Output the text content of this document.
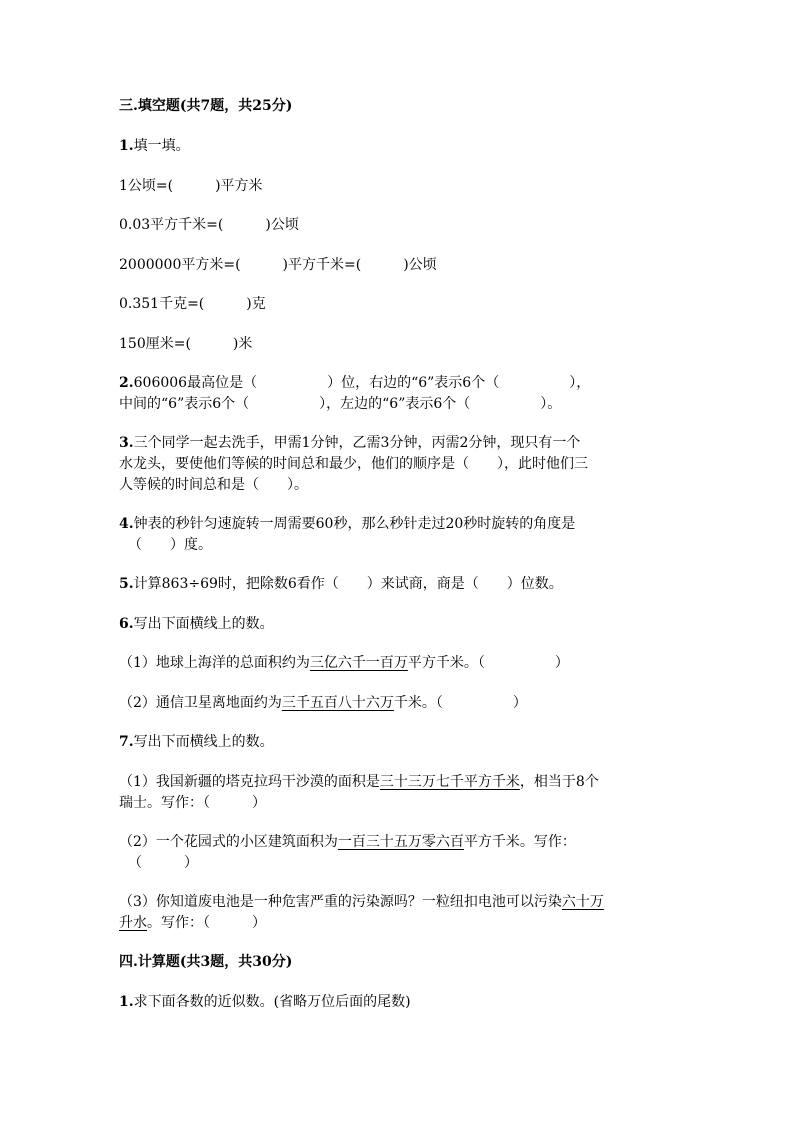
三.填空题(共7题，共25分)
1.填一填。
1公顷=(　　　)平方米
0.03平方千米=(　　　)公顷
2000000平方米=(　　　)平方千米=(　　　)公顷
0.351千克=(　　　)克
150厘米=(　　　)米
2.606006最高位是（　　　　　）位，右边的“6”表示6个（　　　　　），
中间的“6”表示6个（　　　　　），左边的“6”表示6个（　　　　　）。
3.三个同学一起去洗手，甲需1分钟，乙需3分钟，丙需2分钟，现只有一个
水龙头，要使他们等候的时间总和最少，他们的顺序是（　　），此时他们三
人等候的时间总和是（　　）。
4.钟表的秒针匀速旋转一周需要60秒，那么秒针走过20秒时旋转的角度是
（　　）度。
5.计算863÷69时，把除数6看作（　　）来试商，商是（　　）位数。
6.写出下面横线上的数。
（1）地球上海洋的总面积约为三亿六千一百万平方千米。（　　　　　）
（2）通信卫星离地面约为三千五百八十六万千米。（　　　　　）
7.写出下而横线上的数。
（1）我国新疆的塔克拉玛干沙漠的面积是三十三万七千平方千米，相当于8个
瑞士。写作：（　　　）
（2）一个花园式的小区建筑面积为一百三十五万零六百平方千米。写作：
（　　　）
（3）你知道废电池是一种危害严重的污染源吗？一粒纽扣电池可以污染六十万
升水。写作：（　　　）
四.计算题(共3题，共30分)
1.求下面各数的近似数。(省略万位后面的尾数)
